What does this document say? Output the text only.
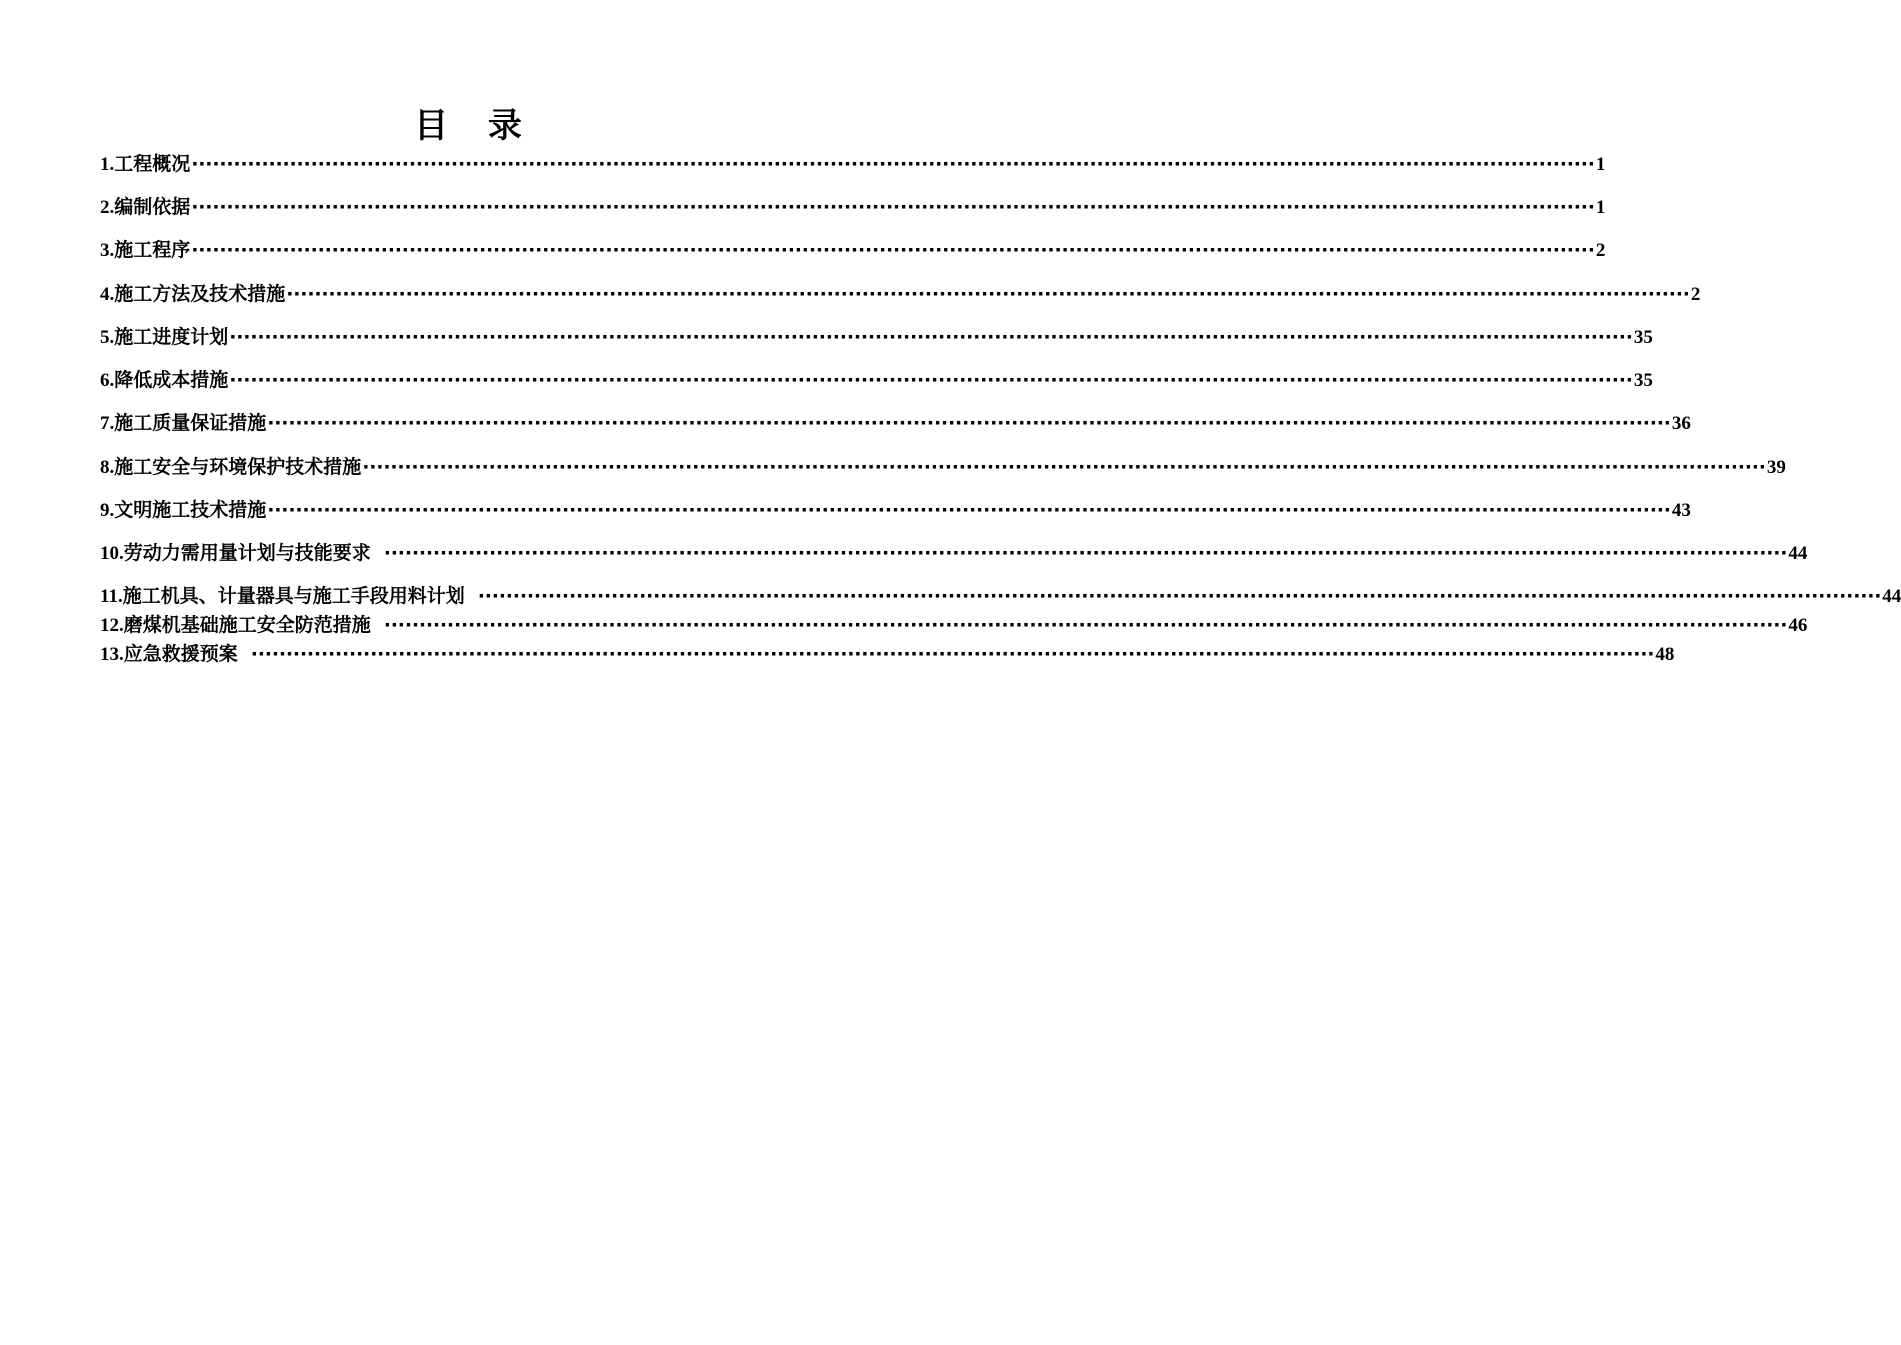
目 录
1. 工程概况 ········································································································································································································ 1
2. 编制依据 ········································································································································································································ 1
3. 施工程序 ········································································································································································································ 2
4. 施工方法及技术措施 ········································································································································································································ 2
5. 施工进度计划 ········································································································································································································ 35
6. 降低成本措施 ········································································································································································································ 35
7. 施工质量保证措施 ········································································································································································································ 36
8. 施工安全与环境保护技术措施 ········································································································································································································ 39
9. 文明施工技术措施 ········································································································································································································ 43
10. 劳动力需用量计划与技能要求 ········································································································································································································ 44
11. 施工机具、计量器具与施工手段用料计划 ········································································································································································································ 44
12. 磨煤机基础施工安全防范措施 ········································································································································································································ 46
13. 应急救援预案 ········································································································································································································ 48
